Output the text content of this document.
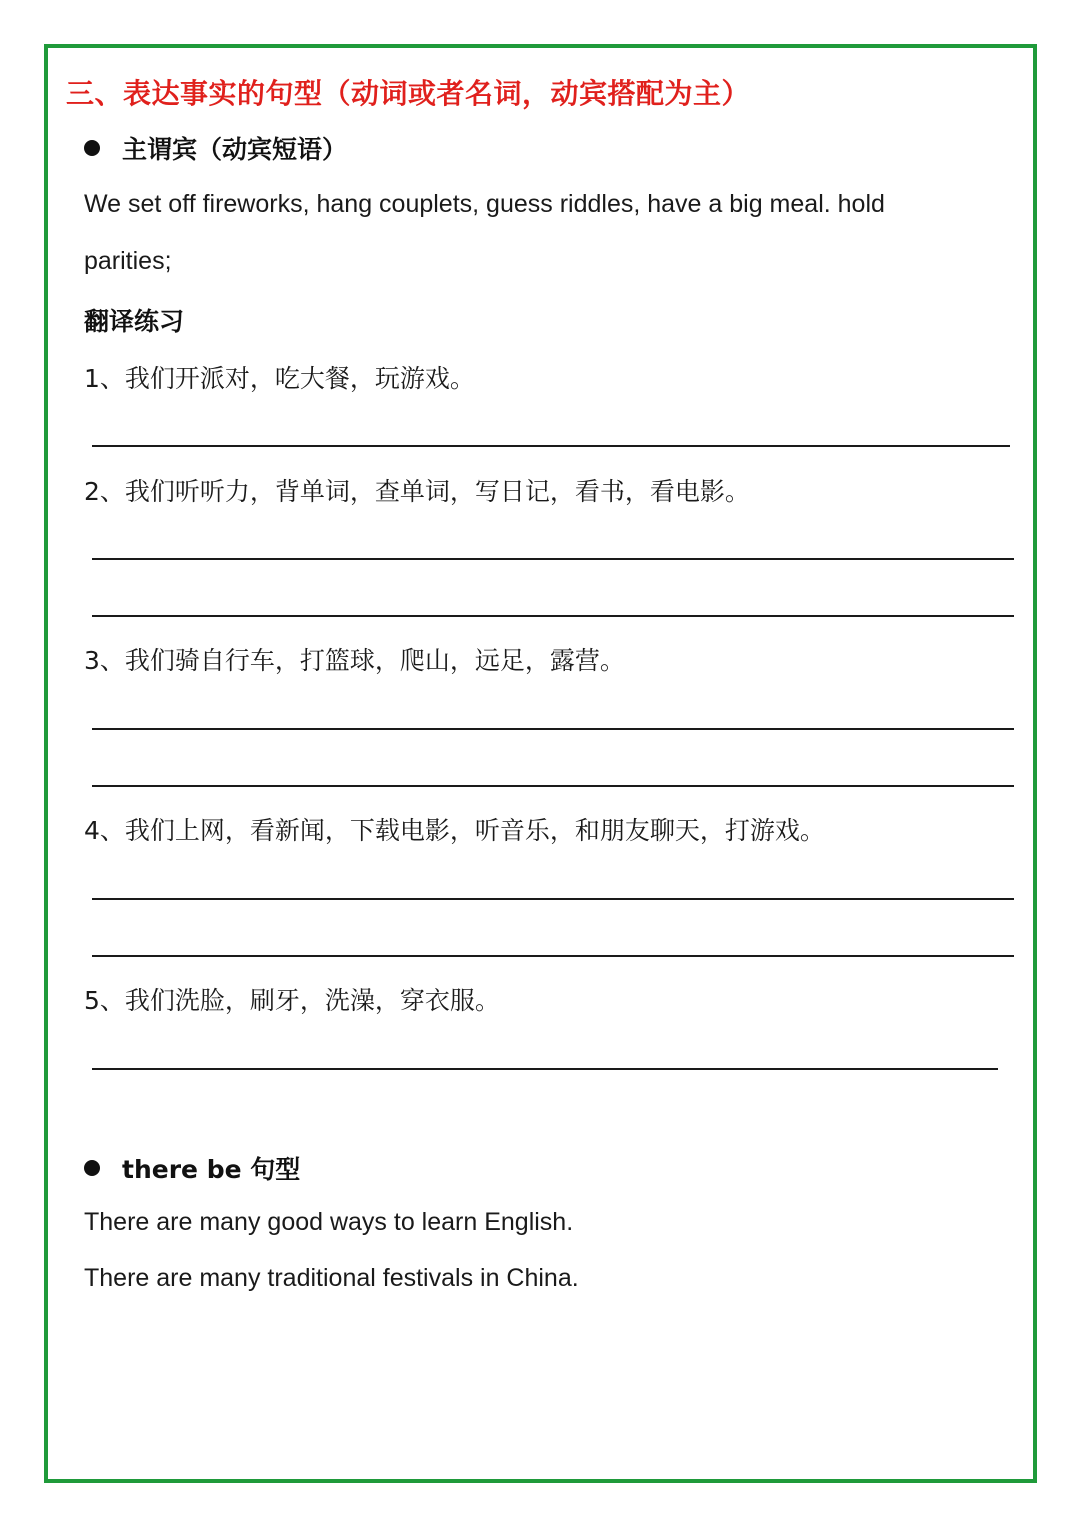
三、表达事实的句型（动词或者名词，动宾搭配为主）
主谓宾（动宾短语）
We set off fireworks, hang couplets, guess riddles, have a big meal. hold
parities;
翻译练习
1、我们开派对，吃大餐，玩游戏。
2、我们听听力，背单词，查单词，写日记，看书，看电影。
3、我们骑自行车，打篮球，爬山，远足，露营。
4、我们上网，看新闻，下载电影，听音乐，和朋友聊天，打游戏。
5、我们洗脸，刷牙，洗澡，穿衣服。
there be 句型
There are many good ways to learn English.
There are many traditional festivals in China.
